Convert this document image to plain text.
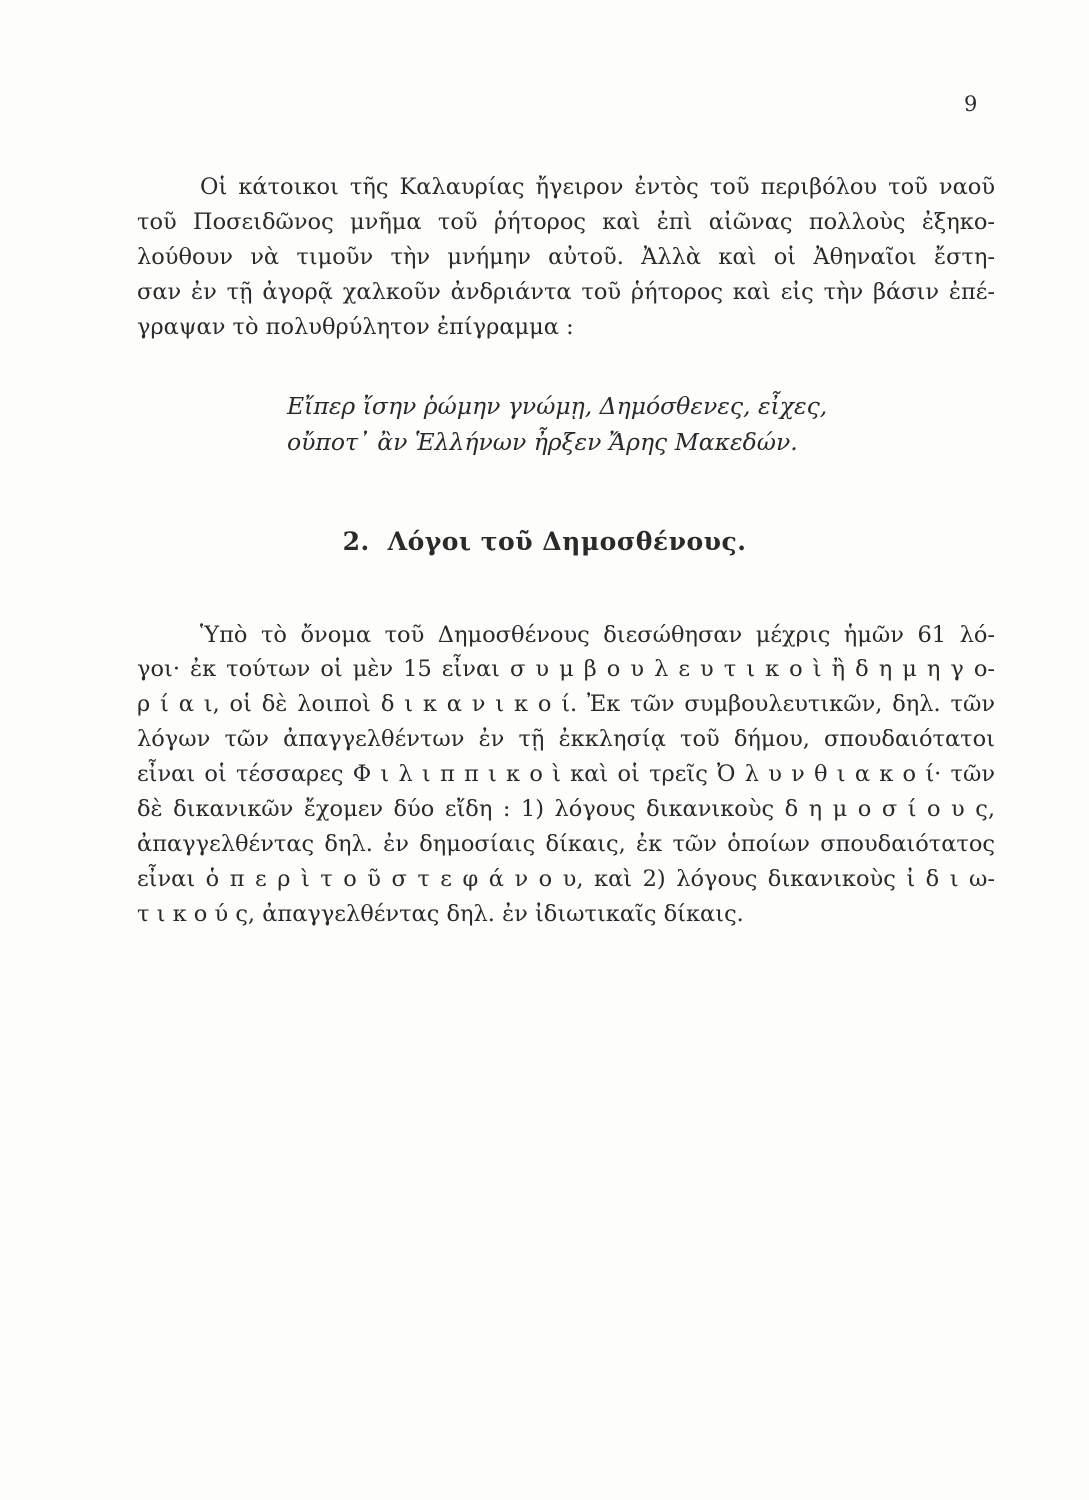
9
Οἱ κάτοικοι τῆς Καλαυρίας ἤγειρον ἐντὸς τοῦ περιβόλου τοῦ ναοῦ
τοῦ Ποσειδῶνος μνῆμα τοῦ ῥήτορος καὶ ἐπὶ αἰῶνας πολλοὺς ἐξηκο-
λούθουν νὰ τιμοῦν τὴν μνήμην αὐτοῦ. Ἀλλὰ καὶ οἱ Ἀθηναῖοι ἔστη-
σαν ἐν τῇ ἀγορᾷ χαλκοῦν ἀνδριάντα τοῦ ῥήτορος καὶ εἰς τὴν βάσιν ἐπέ-
γραψαν τὸ πολυθρύλητον ἐπίγραμμα :
Εἴπερ ἴσην ῥώμην γνώμῃ, Δημόσθενες, εἶχες,
οὔποτ᾽ ἂν Ἑλλήνων ἦρξεν Ἄρης Μακεδών.
2. Λόγοι τοῦ Δημοσθένους.
Ὑπὸ τὸ ὄνομα τοῦ Δημοσθένους διεσώθησαν μέχρις ἡμῶν 61 λό-
γοι· ἐκ τούτων οἱ μὲν 15 εἶναι σ υ μ β ο υ λ ε υ τ ι κ ο ὶ ἢ δ η μ η γ ο-
ρ ί α ι, οἱ δὲ λοιποὶ δ ι κ α ν ι κ ο ί. Ἐκ τῶν συμβουλευτικῶν, δηλ. τῶν
λόγων τῶν ἀπαγγελθέντων ἐν τῇ ἐκκλησίᾳ τοῦ δήμου, σπουδαιότατοι
εἶναι οἱ τέσσαρες Φ ι λ ι π π ι κ ο ὶ καὶ οἱ τρεῖς Ὀ λ υ ν θ ι α κ ο ί· τῶν
δὲ δικανικῶν ἔχομεν δύο εἴδη : 1) λόγους δικανικοὺς δ η μ ο σ ί ο υ ς,
ἀπαγγελθέντας δηλ. ἐν δημοσίαις δίκαις, ἐκ τῶν ὁποίων σπουδαιότατος
εἶναι ὁ π ε ρ ὶ τ ο ῦ σ τ ε φ ά ν ο υ, καὶ 2) λόγους δικανικοὺς ἰ δ ι ω-
τ ι κ ο ύ ς, ἀπαγγελθέντας δηλ. ἐν ἰδιωτικαῖς δίκαις.
